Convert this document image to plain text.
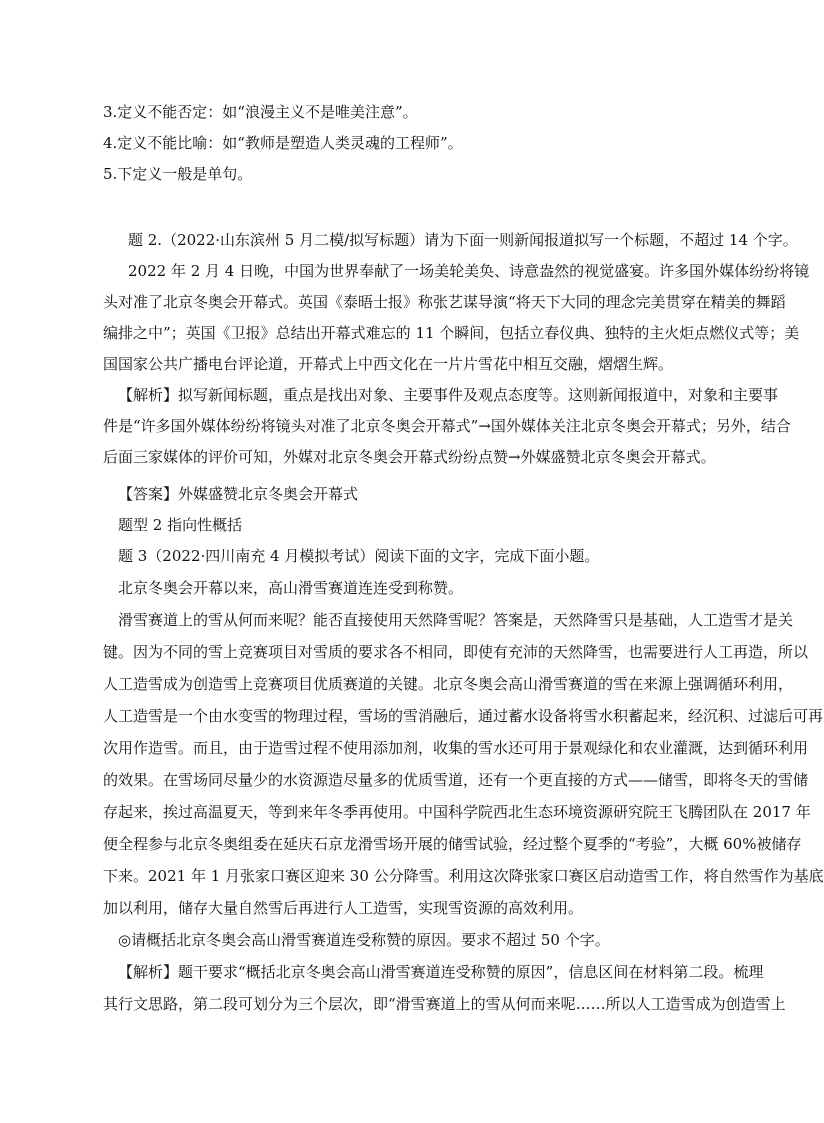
3.定义不能否定：如“浪漫主义不是唯美注意”。
4.定义不能比喻：如“教师是塑造人类灵魂的工程师”。
5.下定义一般是单句。
题 2.（2022·山东滨州 5 月二模/拟写标题）请为下面一则新闻报道拟写一个标题，不超过 14 个字。
2022 年 2 月 4 日晚，中国为世界奉献了一场美轮美奂、诗意盎然的视觉盛宴。许多国外媒体纷纷将镜
头对准了北京冬奥会开幕式。英国《泰晤士报》称张艺谋导演“将天下大同的理念完美贯穿在精美的舞蹈
编排之中”；英国《卫报》总结出开幕式难忘的 11 个瞬间，包括立春仪典、独特的主火炬点燃仪式等；美
国国家公共广播电台评论道，开幕式上中西文化在一片片雪花中相互交融，熠熠生辉。
【解析】拟写新闻标题，重点是找出对象、主要事件及观点态度等。这则新闻报道中，对象和主要事
件是“许多国外媒体纷纷将镜头对准了北京冬奥会开幕式”→国外媒体关注北京冬奥会开幕式；另外，结合
后面三家媒体的评价可知，外媒对北京冬奥会开幕式纷纷点赞→外媒盛赞北京冬奥会开幕式。
【答案】外媒盛赞北京冬奥会开幕式
题型 2 指向性概括
题 3（2022·四川南充 4 月模拟考试）阅读下面的文字，完成下面小题。
北京冬奥会开幕以来，高山滑雪赛道连连受到称赞。
滑雪赛道上的雪从何而来呢？能否直接使用天然降雪呢？答案是，天然降雪只是基础，人工造雪才是关
键。因为不同的雪上竞赛项目对雪质的要求各不相同，即使有充沛的天然降雪，也需要进行人工再造，所以
人工造雪成为创造雪上竞赛项目优质赛道的关键。北京冬奥会高山滑雪赛道的雪在来源上强调循环利用，
人工造雪是一个由水变雪的物理过程，雪场的雪消融后，通过蓄水设备将雪水积蓄起来，经沉积、过滤后可再
次用作造雪。而且，由于造雪过程不使用添加剂，收集的雪水还可用于景观绿化和农业灌溉，达到循环利用
的效果。在雪场同尽量少的水资源造尽量多的优质雪道，还有一个更直接的方式——储雪，即将冬天的雪储
存起来，挨过高温夏天，等到来年冬季再使用。中国科学院西北生态环境资源研究院王飞腾团队在 2017 年
便全程参与北京冬奥组委在延庆石京龙滑雪场开展的储雪试验，经过整个夏季的“考验”，大概 60%被储存
下来。2021 年 1 月张家口赛区迎来 30 公分降雪。利用这次降张家口赛区启动造雪工作，将自然雪作为基底
加以利用，储存大量自然雪后再进行人工造雪，实现雪资源的高效利用。
◎请概括北京冬奥会高山滑雪赛道连受称赞的原因。要求不超过 50 个字。
【解析】题干要求“概括北京冬奥会高山滑雪赛道连受称赞的原因”，信息区间在材料第二段。梳理
其行文思路，第二段可划分为三个层次，即“滑雪赛道上的雪从何而来呢……所以人工造雪成为创造雪上
